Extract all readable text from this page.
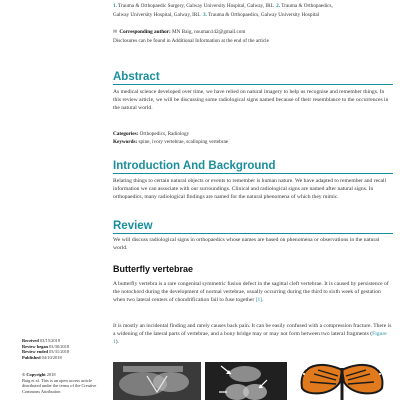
1. Trauma & Orthopaedic Surgery, Galway University Hospital, Galway, IRL 2. Trauma & Orthopaedics,
Galway University Hospital, Galway, IRL 3. Trauma & Orthopaedics, Galway University Hospital
✉ Corresponding author: MN Baig, nouman142@gmail.com
Disclosures can be found in Additional Information at the end of the article
Abstract

As medical science developed over time, we have relied on natural imagery to help us recognise and remember things. In this review article, we will be discussing some radiological signs named because of their resemblance to the occurrences in the natural world.

Categories: Orthopedics, Radiology
Keywords: spine, ivory vertebrae, scalloping vertebrae
Introduction And Background

Relating things to certain natural objects or events to remember is human nature. We have adapted to remember and recall information we can associate with our surroundings. Clinical and radiological signs are named after natural signs. In orthopaedics, many radiological findings are named for the natural phenomena of which they mimic.

Review

We will discuss radiological signs in orthopaedics whose names are based on phenomena or observations in the natural world.

Butterfly vertebrae

A butterfly vertebra is a rare congenital symmetric fusion defect in the sagittal cleft vertebrae. It is caused by persistence of the notochord during the development of normal vertebrae, usually occurring during the third to sixth week of gestation when two lateral centers of chondrification fail to fuse together [1].

It is mostly an incidental finding and rarely causes back pain. It can be easily confused with a compression fracture. There is a widening of the lateral parts of vertebrae, and a bony bridge may or may not form between two lateral fragments (Figure 1).

Received 03/15/2018
Review began 03/30/2018
Review ended 03/31/2018
Published 04/10/2018
© Copyright 2018
Baig et al. This is an open access article distributed under the terms of the Creative Commons Attribution
